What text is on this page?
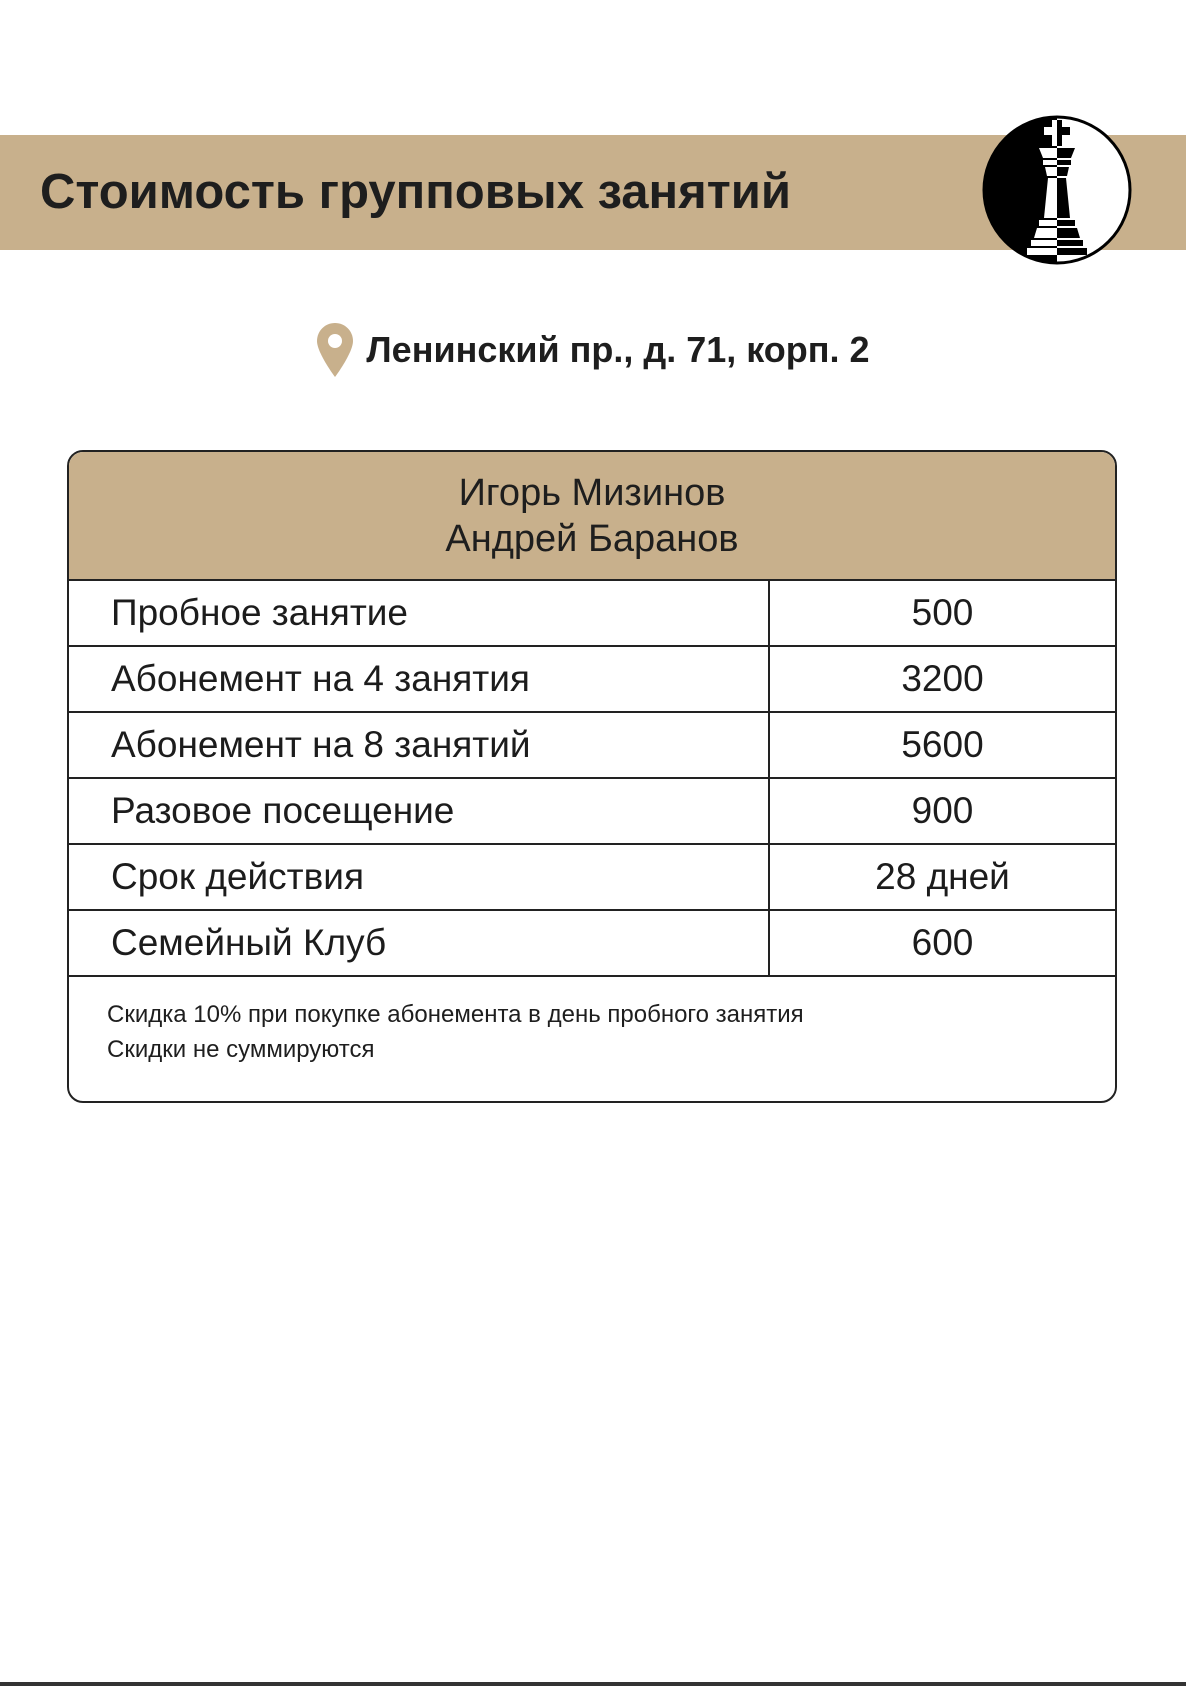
Стоимость групповых занятий
Ленинский пр., д. 71, корп. 2
Игорь Мизинов
Андрей Баранов
Пробное занятие	500
Абонемент на 4 занятия	3200
Абонемент на 8 занятий	5600
Разовое посещение	900
Срок действия	28 дней
Семейный Клуб	600
Скидка 10% при покупке абонемента в день пробного занятия
Скидки не суммируются
